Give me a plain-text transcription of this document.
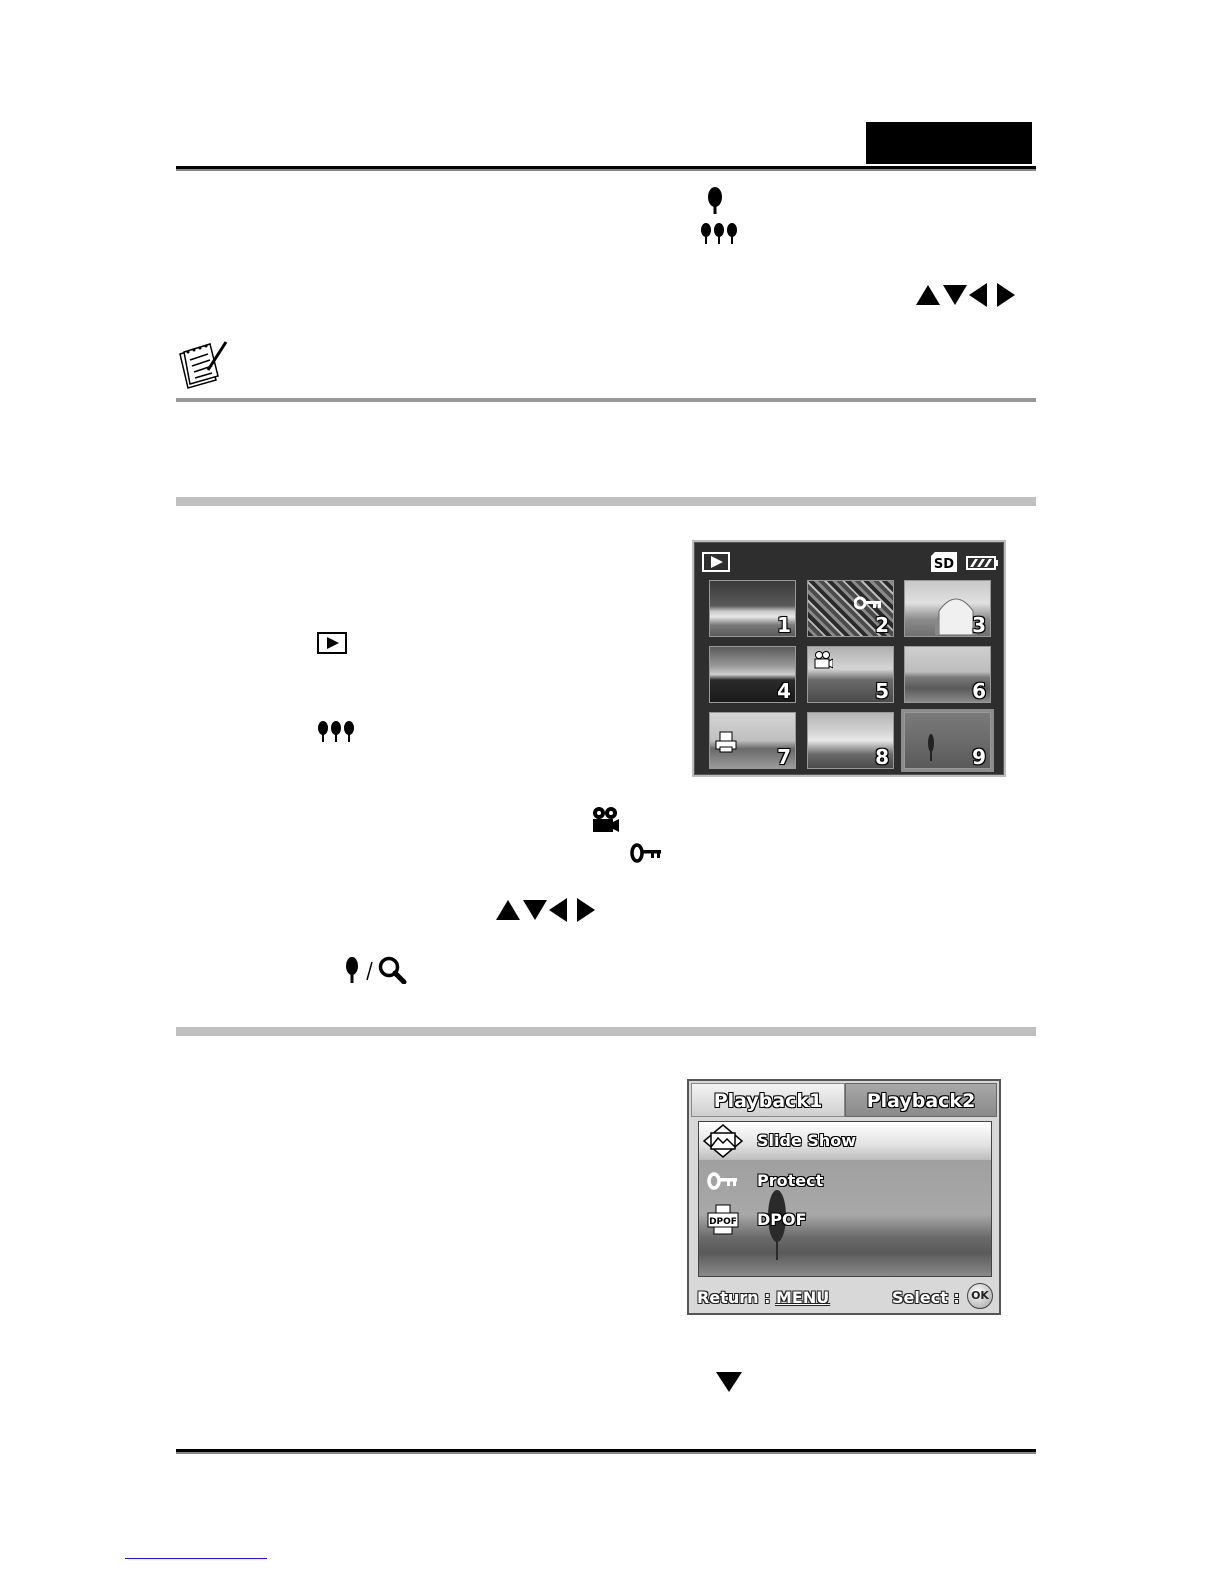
SD
1	2	3
4	5	6
7	8	9
Playback1	Playback2
Slide Show
Protect
DPOF DPOF
Return : MENU	Select :	OK
